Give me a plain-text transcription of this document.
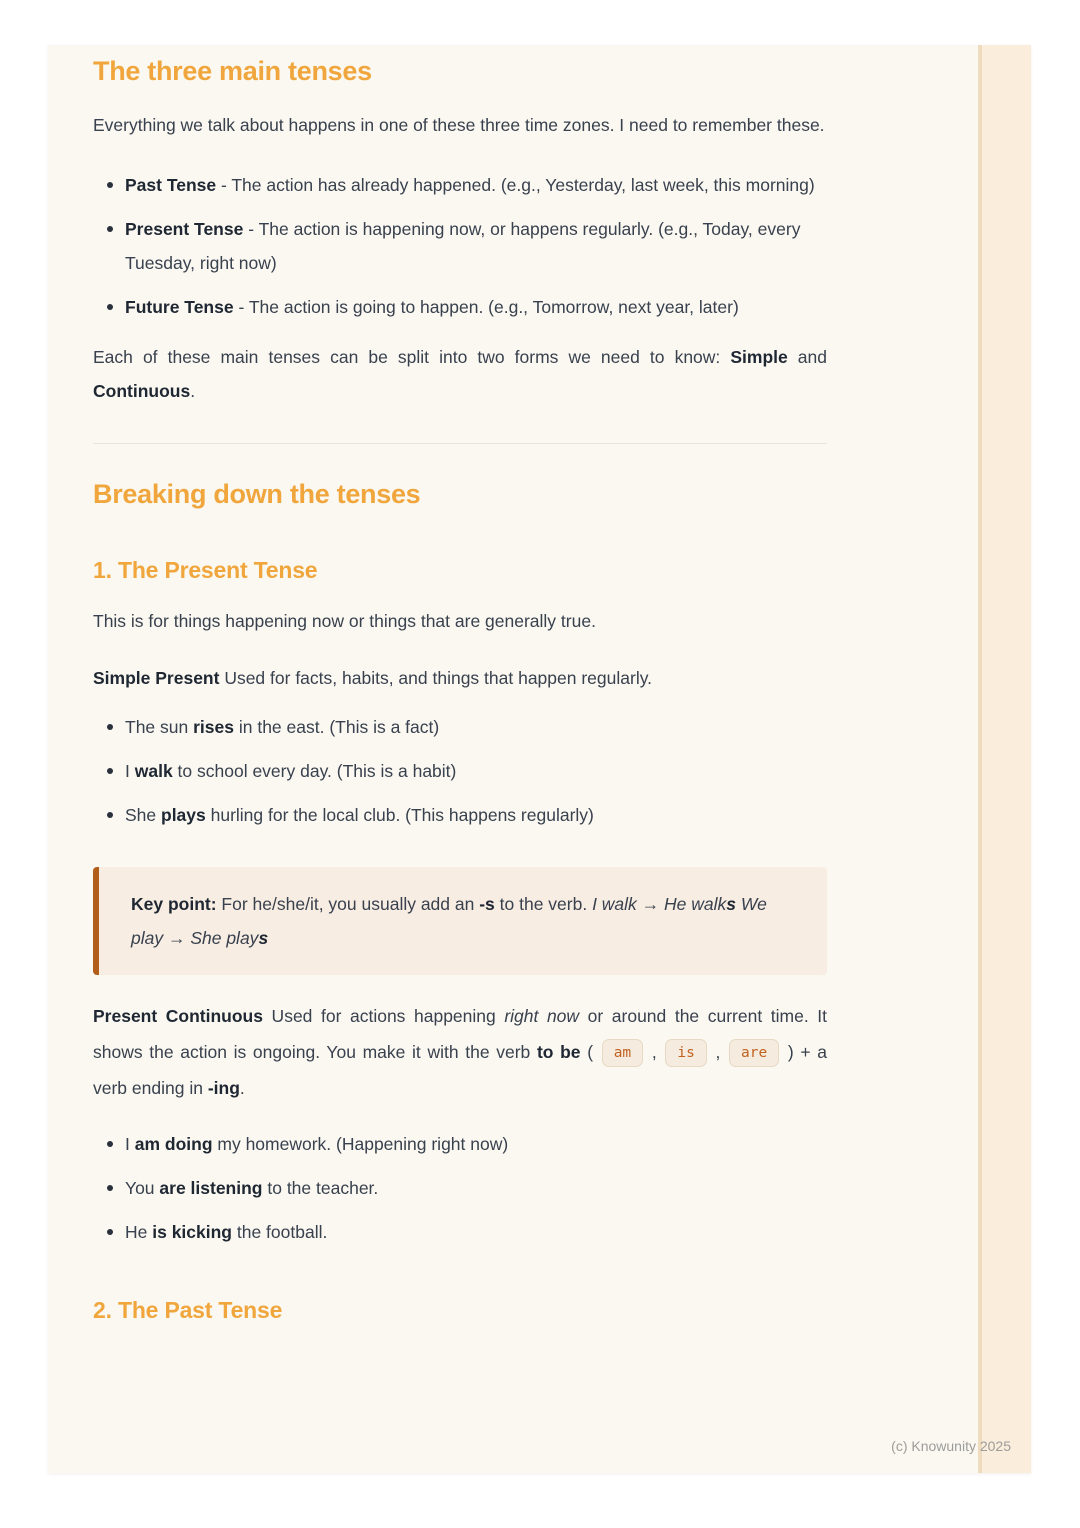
The three main tenses

Everything we talk about happens in one of these three time zones. I need to remember these.

Past Tense - The action has already happened. (e.g., Yesterday, last week, this morning)
Present Tense - The action is happening now, or happens regularly. (e.g., Today, every Tuesday, right now)
Future Tense - The action is going to happen. (e.g., Tomorrow, next year, later)

Each of these main tenses can be split into two forms we need to know: Simple and Continuous.

Breaking down the tenses
1. The Present Tense

This is for things happening now or things that are generally true.

Simple Present Used for facts, habits, and things that happen regularly.

The sun rises in the east. (This is a fact)
I walk to school every day. (This is a habit)
She plays hurling for the local club. (This happens regularly)

Key point: For he/she/it, you usually add an -s to the verb. I walk → He walks We play → She plays

Present Continuous Used for actions happening right now or around the current time. It shows the action is ongoing. You make it with the verb to be ( am , is , are ) + a verb ending in -ing.

I am doing my homework. (Happening right now)
You are listening to the teacher.
He is kicking the football.
2. The Past Tense
(c) Knowunity 2025
